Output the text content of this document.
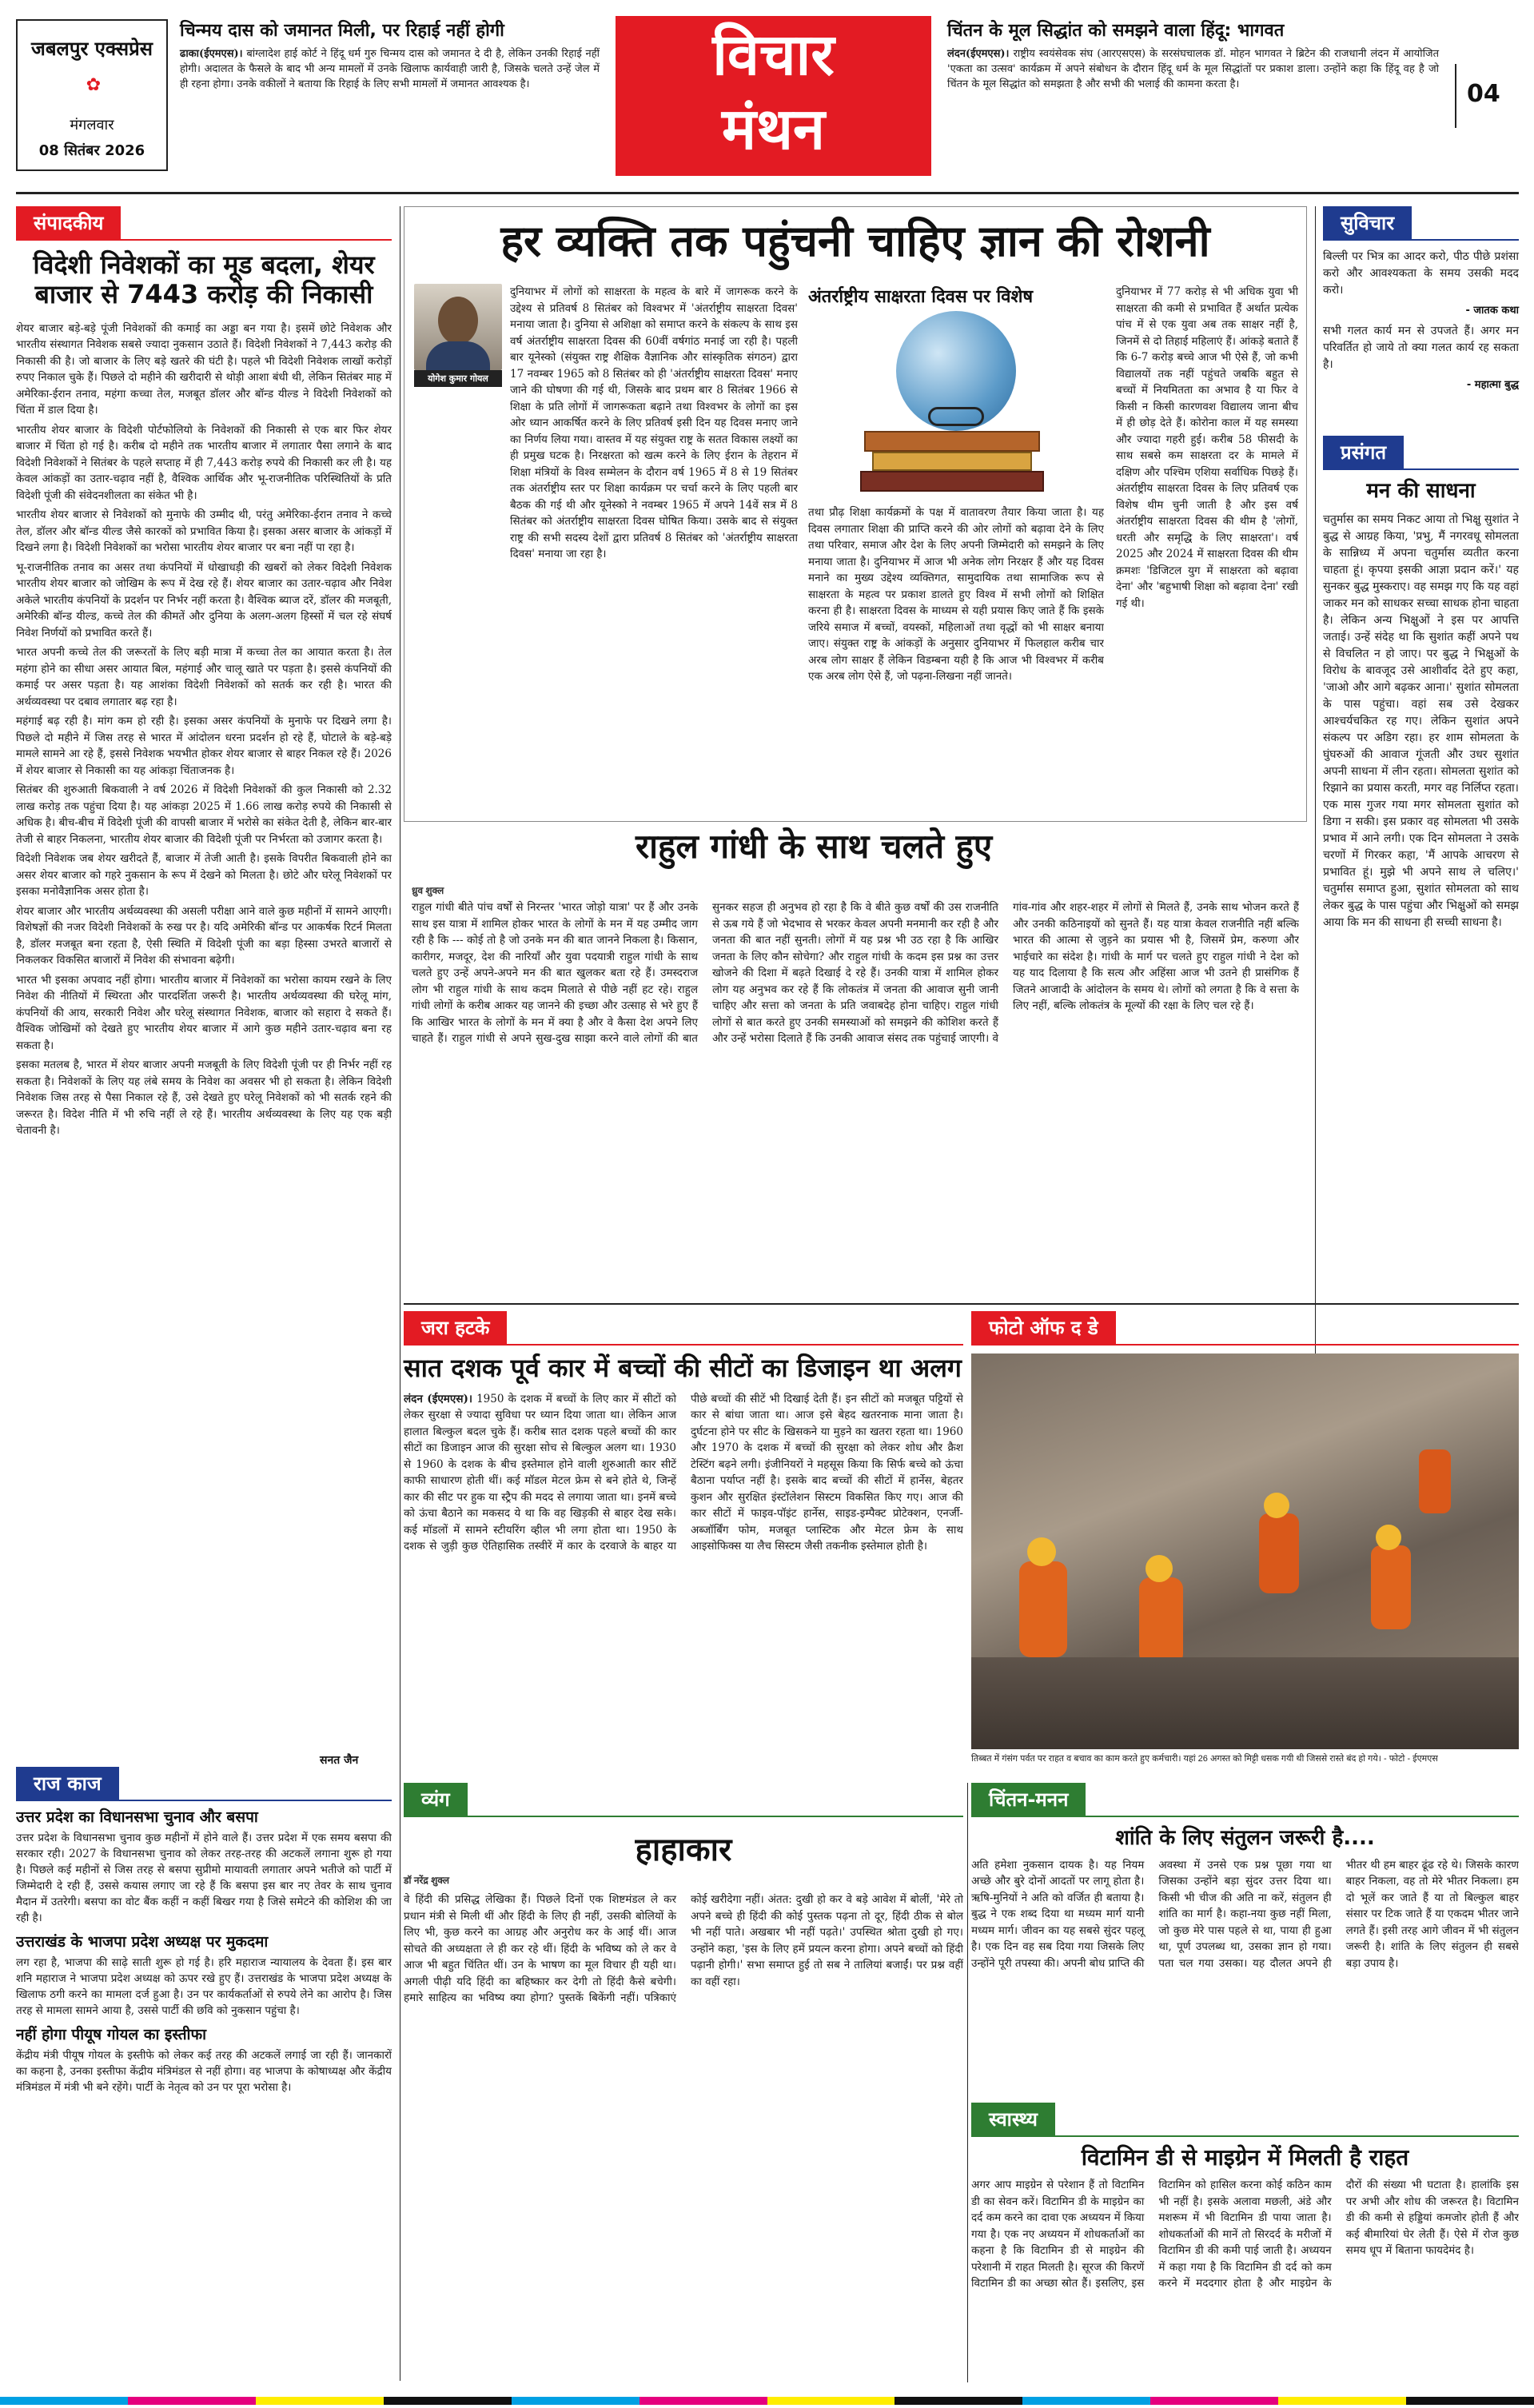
जबलपुर एक्सप्रेस
✿
मंगलवार
08 सितंबर 2026
चिन्मय दास को जमानत मिली, पर रिहाई नहीं होगी
ढाका(ईएमएस)। बांग्लादेश हाई कोर्ट ने हिंदू धर्म गुरु चिन्मय दास को जमानत दे दी है, लेकिन उनकी रिहाई नहीं होगी। अदालत के फैसले के बाद भी अन्य मामलों में उनके खिलाफ कार्यवाही जारी है, जिसके चलते उन्हें जेल में ही रहना होगा। उनके वकीलों ने बताया कि रिहाई के लिए सभी मामलों में जमानत आवश्यक है।	विचार
मंथन
चिंतन के मूल सिद्धांत को समझने वाला हिंदू: भागवत
लंदन(ईएमएस)। राष्ट्रीय स्वयंसेवक संघ (आरएसएस) के सरसंघचालक डॉ. मोहन भागवत ने ब्रिटेन की राजधानी लंदन में आयोजित 'एकता का उत्सव' कार्यक्रम में अपने संबोधन के दौरान हिंदू धर्म के मूल सिद्धांतों पर प्रकाश डाला। उन्होंने कहा कि हिंदू वह है जो चिंतन के मूल सिद्धांत को समझता है और सभी की भलाई की कामना करता है।	04
संपादकीय
विदेशी निवेशकों का मूड बदला, शेयर बाजार से 7443 करोड़ की निकासी

शेयर बाजार बड़े-बड़े पूंजी निवेशकों की कमाई का अड्डा बन गया है। इसमें छोटे निवेशक और भारतीय संस्थागत निवेशक सबसे ज्यादा नुकसान उठाते हैं। विदेशी निवेशकों ने 7,443 करोड़ की निकासी की है। जो बाजार के लिए बड़े खतरे की घंटी है। पहले भी विदेशी निवेशक लाखों करोड़ों रुपए निकाल चुके हैं। पिछले दो महीने की खरीदारी से थोड़ी आशा बंधी थी, लेकिन सितंबर माह में अमेरिका-ईरान तनाव, महंगा कच्चा तेल, मजबूत डॉलर और बॉन्ड यील्ड ने विदेशी निवेशकों को चिंता में डाल दिया है।

भारतीय शेयर बाजार के विदेशी पोर्टफोलियो के निवेशकों की निकासी से एक बार फिर शेयर बाजार में चिंता हो गई है। करीब दो महीने तक भारतीय बाजार में लगातार पैसा लगाने के बाद विदेशी निवेशकों ने सितंबर के पहले सप्ताह में ही 7,443 करोड़ रुपये की निकासी कर ली है। यह केवल आंकड़ों का उतार-चढ़ाव नहीं है, वैश्विक आर्थिक और भू-राजनीतिक परिस्थितियों के प्रति विदेशी पूंजी की संवेदनशीलता का संकेत भी है।

भारतीय शेयर बाजार से निवेशकों को मुनाफे की उम्मीद थी, परंतु अमेरिका-ईरान तनाव ने कच्चे तेल, डॉलर और बॉन्ड यील्ड जैसे कारकों को प्रभावित किया है। इसका असर बाजार के आंकड़ों में दिखने लगा है। विदेशी निवेशकों का भरोसा भारतीय शेयर बाजार पर बना नहीं पा रहा है।

भू-राजनीतिक तनाव का असर तथा कंपनियों में धोखाधड़ी की खबरों को लेकर विदेशी निवेशक भारतीय शेयर बाजार को जोखिम के रूप में देख रहे हैं। शेयर बाजार का उतार-चढ़ाव और निवेश अकेले भारतीय कंपनियों के प्रदर्शन पर निर्भर नहीं करता है। वैश्विक ब्याज दरें, डॉलर की मजबूती, अमेरिकी बॉन्ड यील्ड, कच्चे तेल की कीमतें और दुनिया के अलग-अलग हिस्सों में चल रहे संघर्ष निवेश निर्णयों को प्रभावित करते हैं।

भारत अपनी कच्चे तेल की जरूरतों के लिए बड़ी मात्रा में कच्चा तेल का आयात करता है। तेल महंगा होने का सीधा असर आयात बिल, महंगाई और चालू खाते पर पड़ता है। इससे कंपनियों की कमाई पर असर पड़ता है। यह आशंका विदेशी निवेशकों को सतर्क कर रही है। भारत की अर्थव्यवस्था पर दबाव लगातार बढ़ रहा है।

महंगाई बढ़ रही है। मांग कम हो रही है। इसका असर कंपनियों के मुनाफे पर दिखने लगा है। पिछले दो महीने में जिस तरह से भारत में आंदोलन धरना प्रदर्शन हो रहे हैं, घोटाले के बड़े-बड़े मामले सामने आ रहे हैं, इससे निवेशक भयभीत होकर शेयर बाजार से बाहर निकल रहे हैं। 2026 में शेयर बाजार से निकासी का यह आंकड़ा चिंताजनक है।

सितंबर की शुरुआती बिकवाली ने वर्ष 2026 में विदेशी निवेशकों की कुल निकासी को 2.32 लाख करोड़ तक पहुंचा दिया है। यह आंकड़ा 2025 में 1.66 लाख करोड़ रुपये की निकासी से अधिक है। बीच-बीच में विदेशी पूंजी की वापसी बाजार में भरोसे का संकेत देती है, लेकिन बार-बार तेजी से बाहर निकलना, भारतीय शेयर बाजार की विदेशी पूंजी पर निर्भरता को उजागर करता है।

विदेशी निवेशक जब शेयर खरीदते हैं, बाजार में तेजी आती है। इसके विपरीत बिकवाली होने का असर शेयर बाजार को गहरे नुकसान के रूप में देखने को मिलता है। छोटे और घरेलू निवेशकों पर इसका मनोवैज्ञानिक असर होता है।

शेयर बाजार और भारतीय अर्थव्यवस्था की असली परीक्षा आने वाले कुछ महीनों में सामने आएगी। विशेषज्ञों की नजर विदेशी निवेशकों के रुख पर है। यदि अमेरिकी बॉन्ड पर आकर्षक रिटर्न मिलता है, डॉलर मजबूत बना रहता है, ऐसी स्थिति में विदेशी पूंजी का बड़ा हिस्सा उभरते बाजारों से निकलकर विकसित बाजारों में निवेश की संभावना बढ़ेगी।

भारत भी इसका अपवाद नहीं होगा। भारतीय बाजार में निवेशकों का भरोसा कायम रखने के लिए निवेश की नीतियों में स्थिरता और पारदर्शिता जरूरी है। भारतीय अर्थव्यवस्था की घरेलू मांग, कंपनियों की आय, सरकारी निवेश और घरेलू संस्थागत निवेशक, बाजार को सहारा दे सकते हैं। वैश्विक जोखिमों को देखते हुए भारतीय शेयर बाजार में आगे कुछ महीने उतार-चढ़ाव बना रह सकता है।

इसका मतलब है, भारत में शेयर बाजार अपनी मजबूती के लिए विदेशी पूंजी पर ही निर्भर नहीं रह सकता है। निवेशकों के लिए यह लंबे समय के निवेश का अवसर भी हो सकता है। लेकिन विदेशी निवेशक जिस तरह से पैसा निकाल रहे हैं, उसे देखते हुए घरेलू निवेशकों को भी सतर्क रहने की जरूरत है। विदेश नीति में भी रुचि नहीं ले रहे हैं। भारतीय अर्थव्यवस्था के लिए यह एक बड़ी चेतावनी है।

सनत जैन
हर व्यक्ति तक पहुंचनी चाहिए ज्ञान की रोशनी
योगेश कुमार गोयल
दुनियाभर में लोगों को साक्षरता के महत्व के बारे में जागरूक करने के उद्देश्य से प्रतिवर्ष 8 सितंबर को विश्वभर में 'अंतर्राष्ट्रीय साक्षरता दिवस' मनाया जाता है। दुनिया से अशिक्षा को समाप्त करने के संकल्प के साथ इस वर्ष अंतर्राष्ट्रीय साक्षरता दिवस की 60वीं वर्षगांठ मनाई जा रही है। पहली बार यूनेस्को (संयुक्त राष्ट्र शैक्षिक वैज्ञानिक और सांस्कृतिक संगठन) द्वारा 17 नवम्बर 1965 को 8 सितंबर को ही 'अंतर्राष्ट्रीय साक्षरता दिवस' मनाए जाने की घोषणा की गई थी, जिसके बाद प्रथम बार 8 सितंबर 1966 से शिक्षा के प्रति लोगों में जागरूकता बढ़ाने तथा विश्वभर के लोगों का इस ओर ध्यान आकर्षित करने के लिए प्रतिवर्ष इसी दिन यह दिवस मनाए जाने का निर्णय लिया गया। वास्तव में यह संयुक्त राष्ट्र के सतत विकास लक्ष्यों का ही प्रमुख घटक है। निरक्षरता को खत्म करने के लिए ईरान के तेहरान में शिक्षा मंत्रियों के विश्व सम्मेलन के दौरान वर्ष 1965 में 8 से 19 सितंबर तक अंतर्राष्ट्रीय स्तर पर शिक्षा कार्यक्रम पर चर्चा करने के लिए पहली बार बैठक की गई थी और यूनेस्को ने नवम्बर 1965 में अपने 14वें सत्र में 8 सितंबर को अंतर्राष्ट्रीय साक्षरता दिवस घोषित किया। उसके बाद से संयुक्त राष्ट्र की सभी सदस्य देशों द्वारा प्रतिवर्ष 8 सितंबर को 'अंतर्राष्ट्रीय साक्षरता दिवस' मनाया जा रहा है।
अंतर्राष्ट्रीय साक्षरता दिवस पर विशेष
तथा प्रौढ़ शिक्षा कार्यक्रमों के पक्ष में वातावरण तैयार किया जाता है। यह दिवस लगातार शिक्षा की प्राप्ति करने की ओर लोगों को बढ़ावा देने के लिए तथा परिवार, समाज और देश के लिए अपनी जिम्मेदारी को समझने के लिए मनाया जाता है। दुनियाभर में आज भी अनेक लोग निरक्षर हैं और यह दिवस मनाने का मुख्य उद्देश्य व्यक्तिगत, सामुदायिक तथा सामाजिक रूप से साक्षरता के महत्व पर प्रकाश डालते हुए विश्व में सभी लोगों को शिक्षित करना ही है। साक्षरता दिवस के माध्यम से यही प्रयास किए जाते हैं कि इसके जरिये समाज में बच्चों, वयस्कों, महिलाओं तथा वृद्धों को भी साक्षर बनाया जाए। संयुक्त राष्ट्र के आंकड़ों के अनुसार दुनियाभर में फिलहाल करीब चार अरब लोग साक्षर हैं लेकिन विडम्बना यही है कि आज भी विश्वभर में करीब एक अरब लोग ऐसे हैं, जो पढ़ना-लिखना नहीं जानते।
दुनियाभर में 77 करोड़ से भी अधिक युवा भी साक्षरता की कमी से प्रभावित हैं अर्थात प्रत्येक पांच में से एक युवा अब तक साक्षर नहीं है, जिनमें से दो तिहाई महिलाएं हैं। आंकड़े बताते हैं कि 6-7 करोड़ बच्चे आज भी ऐसे हैं, जो कभी विद्यालयों तक नहीं पहुंचते जबकि बहुत से बच्चों में नियमितता का अभाव है या फिर वे किसी न किसी कारणवश विद्यालय जाना बीच में ही छोड़ देते हैं। कोरोना काल में यह समस्या और ज्यादा गहरी हुई। करीब 58 फीसदी के साथ सबसे कम साक्षरता दर के मामले में दक्षिण और पश्चिम एशिया सर्वाधिक पिछड़े हैं। अंतर्राष्ट्रीय साक्षरता दिवस के लिए प्रतिवर्ष एक विशेष थीम चुनी जाती है और इस वर्ष अंतर्राष्ट्रीय साक्षरता दिवस की थीम है 'लोगों, धरती और समृद्धि के लिए साक्षरता'। वर्ष 2025 और 2024 में साक्षरता दिवस की थीम क्रमशः 'डिजिटल युग में साक्षरता को बढ़ावा देना' और 'बहुभाषी शिक्षा को बढ़ावा देना' रखी गई थी।
राहुल गांधी के साथ चलते हुए
ध्रुव शुक्ल
राहुल गांधी बीते पांच वर्षों से निरन्तर 'भारत जोड़ो यात्रा' पर हैं और उनके साथ इस यात्रा में शामिल होकर भारत के लोगों के मन में यह उम्मीद जाग रही है कि --- कोई तो है जो उनके मन की बात जानने निकला है। किसान, कारीगर, मजदूर, देश की नारियाँ और युवा पदयात्री राहुल गांधी के साथ चलते हुए उन्हें अपने-अपने मन की बात खुलकर बता रहे हैं। उमस्दराज लोग भी राहुल गांधी के साथ कदम मिलाते से पीछे नहीं हट रहे। राहुल गांधी लोगों के करीब आकर यह जानने की इच्छा और उत्साह से भरे हुए हैं कि आखिर भारत के लोगों के मन में क्या है और वे कैसा देश अपने लिए चाहते हैं। राहुल गांधी से अपने सुख-दुख साझा करने वाले लोगों की बात सुनकर सहज ही अनुभव हो रहा है कि वे बीते कुछ वर्षों की उस राजनीति से ऊब गये हैं जो भेदभाव से भरकर केवल अपनी मनमानी कर रही है और जनता की बात नहीं सुनती। लोगों में यह प्रश्न भी उठ रहा है कि आखिर जनता के लिए कौन सोचेगा? और राहुल गांधी के कदम इस प्रश्न का उत्तर खोजने की दिशा में बढ़ते दिखाई दे रहे हैं। उनकी यात्रा में शामिल होकर लोग यह अनुभव कर रहे हैं कि लोकतंत्र में जनता की आवाज सुनी जानी चाहिए और सत्ता को जनता के प्रति जवाबदेह होना चाहिए। राहुल गांधी लोगों से बात करते हुए उनकी समस्याओं को समझने की कोशिश करते हैं और उन्हें भरोसा दिलाते हैं कि उनकी आवाज संसद तक पहुंचाई जाएगी। वे गांव-गांव और शहर-शहर में लोगों से मिलते हैं, उनके साथ भोजन करते हैं और उनकी कठिनाइयों को सुनते हैं। यह यात्रा केवल राजनीति नहीं बल्कि भारत की आत्मा से जुड़ने का प्रयास भी है, जिसमें प्रेम, करुणा और भाईचारे का संदेश है। गांधी के मार्ग पर चलते हुए राहुल गांधी ने देश को यह याद दिलाया है कि सत्य और अहिंसा आज भी उतने ही प्रासंगिक हैं जितने आजादी के आंदोलन के समय थे। लोगों को लगता है कि वे सत्ता के लिए नहीं, बल्कि लोकतंत्र के मूल्यों की रक्षा के लिए चल रहे हैं।
सुविचार
बिल्ली पर भित्र का आदर करो, पीठ पीछे प्रशंसा करो और आवश्यकता के समय उसकी मदद करो।
- जातक कथा
सभी गलत कार्य मन से उपजते हैं। अगर मन परिवर्तित हो जाये तो क्या गलत कार्य रह सकता है।
- महात्मा बुद्ध
प्रसंगत
मन की साधना
चतुर्मास का समय निकट आया तो भिक्षु सुशांत ने बुद्ध से आग्रह किया, 'प्रभु, मैं नगरवधू सोमलता के सान्निध्य में अपना चतुर्मास व्यतीत करना चाहता हूं। कृपया इसकी आज्ञा प्रदान करें।' यह सुनकर बुद्ध मुस्कराए। वह समझ गए कि यह वहां जाकर मन को साधकर सच्चा साधक होना चाहता है। लेकिन अन्य भिक्षुओं ने इस पर आपत्ति जताई। उन्हें संदेह था कि सुशांत कहीं अपने पथ से विचलित न हो जाए। पर बुद्ध ने भिक्षुओं के विरोध के बावजूद उसे आशीर्वाद देते हुए कहा, 'जाओ और आगे बढ़कर आना।' सुशांत सोमलता के पास पहुंचा। वहां सब उसे देखकर आश्चर्यचकित रह गए। लेकिन सुशांत अपने संकल्प पर अडिग रहा। हर शाम सोमलता के घुंघरुओं की आवाज गूंजती और उधर सुशांत अपनी साधना में लीन रहता। सोमलता सुशांत को रिझाने का प्रयास करती, मगर वह निर्लिप्त रहता। एक मास गुजर गया मगर सोमलता सुशांत को डिगा न सकी। इस प्रकार वह सोमलता भी उसके प्रभाव में आने लगी। एक दिन सोमलता ने उसके चरणों में गिरकर कहा, 'मैं आपके आचरण से प्रभावित हूं। मुझे भी अपने साथ ले चलिए।' चतुर्मास समाप्त हुआ, सुशांत सोमलता को साथ लेकर बुद्ध के पास पहुंचा और भिक्षुओं को समझ आया कि मन की साधना ही सच्ची साधना है।
जरा हटके
सात दशक पूर्व कार में बच्चों की सीटों का डिजाइन था अलग
लंदन (ईएमएस)। 1950 के दशक में बच्चों के लिए कार में सीटों को लेकर सुरक्षा से ज्यादा सुविधा पर ध्यान दिया जाता था। लेकिन आज हालात बिल्कुल बदल चुके हैं। करीब सात दशक पहले बच्चों की कार सीटों का डिजाइन आज की सुरक्षा सोच से बिल्कुल अलग था। 1930 से 1960 के दशक के बीच इस्तेमाल होने वाली शुरुआती कार सीटें काफी साधारण होती थीं। कई मॉडल मेटल फ्रेम से बने होते थे, जिन्हें कार की सीट पर हुक या स्ट्रैप की मदद से लगाया जाता था। इनमें बच्चे को ऊंचा बैठाने का मकसद ये था कि वह खिड़की से बाहर देख सके। कई मॉडलों में सामने स्टीयरिंग व्हील भी लगा होता था। 1950 के दशक से जुड़ी कुछ ऐतिहासिक तस्वीरें में कार के दरवाजे के बाहर या पीछे बच्चों की सीटें भी दिखाई देती हैं। इन सीटों को मजबूत पट्टियों से कार से बांधा जाता था। आज इसे बेहद खतरनाक माना जाता है। दुर्घटना होने पर सीट के खिसकने या मुड़ने का खतरा रहता था। 1960 और 1970 के दशक में बच्चों की सुरक्षा को लेकर शोध और क्रैश टेस्टिंग बढ़ने लगी। इंजीनियरों ने महसूस किया कि सिर्फ बच्चे को ऊंचा बैठाना पर्याप्त नहीं है। इसके बाद बच्चों की सीटों में हार्नेस, बेहतर कुशन और सुरक्षित इंस्टॉलेशन सिस्टम विकसित किए गए। आज की कार सीटों में फाइव-पॉइंट हार्नेस, साइड-इम्पैक्ट प्रोटेक्शन, एनर्जी-अब्जॉर्बिंग फोम, मजबूत प्लास्टिक और मेटल फ्रेम के साथ आइसोफिक्स या लैच सिस्टम जैसी तकनीक इस्तेमाल होती है।
फोटो ऑफ द डे
तिब्बत में गंसंग पर्वत पर राहत व बचाव का काम करते हुए कर्मचारी। यहां 26 अगस्त को मिट्टी धसक गयी थी जिससे रास्ते बंद हो गये। - फोटो - ईएमएस
राज काज
उत्तर प्रदेश का विधानसभा चुनाव और बसपा
उत्तर प्रदेश के विधानसभा चुनाव कुछ महीनों में होने वाले हैं। उत्तर प्रदेश में एक समय बसपा की सरकार रही। 2027 के विधानसभा चुनाव को लेकर तरह-तरह की अटकलें लगाना शुरू हो गया है। पिछले कई महीनों से जिस तरह से बसपा सुप्रीमो मायावती लगातार अपने भतीजे को पार्टी में जिम्मेदारी दे रही हैं, उससे कयास लगाए जा रहे हैं कि बसपा इस बार नए तेवर के साथ चुनाव मैदान में उतरेगी। बसपा का वोट बैंक कहीं न कहीं बिखर गया है जिसे समेटने की कोशिश की जा रही है।
उत्तराखंड के भाजपा प्रदेश अध्यक्ष पर मुकदमा
लग रहा है, भाजपा की साढ़े साती शुरू हो गई है। हरि महाराज न्यायालय के देवता हैं। इस बार शनि महाराज ने भाजपा प्रदेश अध्यक्ष को ऊपर रखे हुए हैं। उत्तराखंड के भाजपा प्रदेश अध्यक्ष के खिलाफ ठगी करने का मामला दर्ज हुआ है। उन पर कार्यकर्ताओं से रुपये लेने का आरोप है। जिस तरह से मामला सामने आया है, उससे पार्टी की छवि को नुकसान पहुंचा है।
नहीं होगा पीयूष गोयल का इस्तीफा
केंद्रीय मंत्री पीयूष गोयल के इस्तीफे को लेकर कई तरह की अटकलें लगाई जा रही हैं। जानकारों का कहना है, उनका इस्तीफा केंद्रीय मंत्रिमंडल से नहीं होगा। वह भाजपा के कोषाध्यक्ष और केंद्रीय मंत्रिमंडल में मंत्री भी बने रहेंगे। पार्टी के नेतृत्व को उन पर पूरा भरोसा है।
व्यंग
हाहाकार
डॉ नरेंद्र शुक्ल
वे हिंदी की प्रसिद्ध लेखिका हैं। पिछले दिनों एक शिष्टमंडल ले कर प्रधान मंत्री से मिली थीं और हिंदी के लिए ही नहीं, उसकी बोलियों के लिए भी, कुछ करने का आग्रह और अनुरोध कर के आई थीं। आज सोचते की अध्यक्षता ले ही कर रहे थीं। हिंदी के भविष्य को ले कर वे आज भी बहुत चिंतित थीं। उन के भाषण का मूल विचार ही यही था। अगली पीढ़ी यदि हिंदी का बहिष्कार कर देगी तो हिंदी कैसे बचेगी। हमारे साहित्य का भविष्य क्या होगा? पुस्तकें बिकेंगी नहीं। पत्रिकाएं कोई खरीदेगा नहीं। अंतत: दुखी हो कर वे बड़े आवेश में बोलीं, 'मेरे तो अपने बच्चे ही हिंदी की कोई पुस्तक पढ़ना तो दूर, हिंदी ठीक से बोल भी नहीं पाते। अखबार भी नहीं पढ़ते।' उपस्थित श्रोता दुखी हो गए। उन्होंने कहा, 'इस के लिए हमें प्रयत्न करना होगा। अपने बच्चों को हिंदी पढ़ानी होगी।' सभा समाप्त हुई तो सब ने तालियां बजाईं। पर प्रश्न वहीं का वहीं रहा।
चिंतन-मनन
शांति के लिए संतुलन जरूरी है....
अति हमेशा नुकसान दायक है। यह नियम अच्छे और बुरे दोनों आदतों पर लागू होता है। ऋषि-मुनियों ने अति को वर्जित ही बताया है। बुद्ध ने एक शब्द दिया था मध्यम मार्ग यानी मध्यम मार्ग। जीवन का यह सबसे सुंदर पहलू है। एक दिन वह सब दिया गया जिसके लिए उन्होंने पूरी तपस्या की। अपनी बोध प्राप्ति की अवस्था में उनसे एक प्रश्न पूछा गया था जिसका उन्होंने बड़ा सुंदर उत्तर दिया था। किसी भी चीज की अति ना करें, संतुलन ही शांति का मार्ग है। कहा-नया कुछ नहीं मिला, जो कुछ मेरे पास पहले से था, पाया ही हुआ था, पूर्ण उपलब्ध था, उसका ज्ञान हो गया। पता चल गया उसका। यह दौलत अपने ही भीतर थी हम बाहर ढूंढ रहे थे। जिसके कारण बाहर निकला, वह तो मेरे भीतर निकला। हम दो भूलें कर जाते हैं या तो बिल्कुल बाहर संसार पर टिक जाते हैं या एकदम भीतर जाने लगते हैं। इसी तरह आगे जीवन में भी संतुलन जरूरी है। शांति के लिए संतुलन ही सबसे बड़ा उपाय है।
स्वास्थ्य
विटामिन डी से माइग्रेन में मिलती है राहत
अगर आप माइग्रेन से परेशान हैं तो विटामिन डी का सेवन करें। विटामिन डी के माइग्रेन का दर्द कम करने का दावा एक अध्ययन में किया गया है। एक नए अध्ययन में शोधकर्ताओं का कहना है कि विटामिन डी से माइग्रेन की परेशानी में राहत मिलती है। सूरज की किरणें विटामिन डी का अच्छा स्रोत हैं। इसलिए, इस विटामिन को हासिल करना कोई कठिन काम भी नहीं है। इसके अलावा मछली, अंडे और मशरूम में भी विटामिन डी पाया जाता है। शोधकर्ताओं की मानें तो सिरदर्द के मरीजों में विटामिन डी की कमी पाई जाती है। अध्ययन में कहा गया है कि विटामिन डी दर्द को कम करने में मददगार होता है और माइग्रेन के दौरों की संख्या भी घटाता है। हालांकि इस पर अभी और शोध की जरूरत है। विटामिन डी की कमी से हड्डियां कमजोर होती हैं और कई बीमारियां घेर लेती हैं। ऐसे में रोज कुछ समय धूप में बिताना फायदेमंद है।
